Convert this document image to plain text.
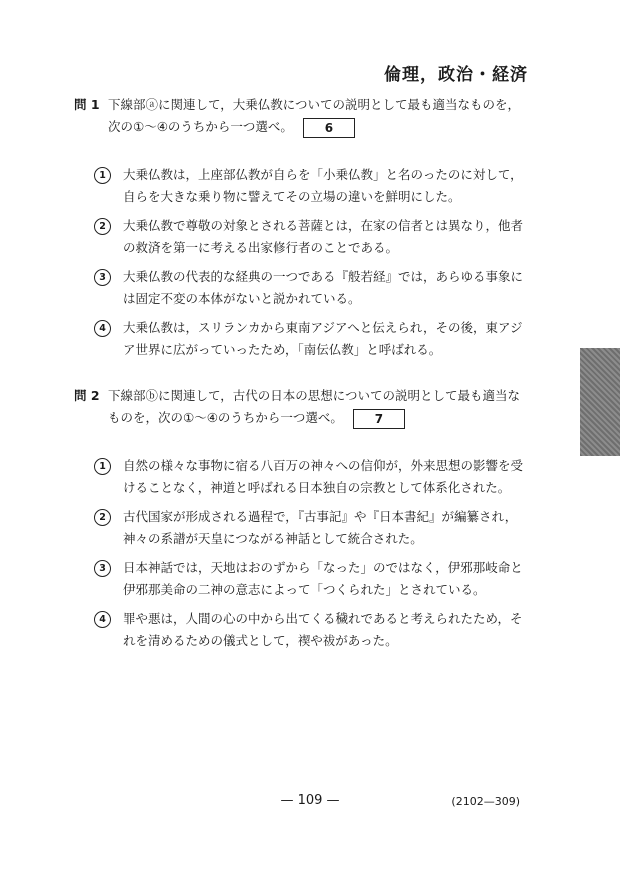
倫理，政治・経済
問 1 下線部ⓐに関連して，大乗仏教についての説明として最も適当なものを，次の①～④のうちから一つ選べ。	6
1	大乗仏教は，上座部仏教が自らを「小乗仏教」と名のったのに対して，自らを大きな乗り物に譬えてその立場の違いを鮮明にした。
2	大乗仏教で尊敬の対象とされる菩薩とは，在家の信者とは異なり，他者の救済を第一に考える出家修行者のことである。
3	大乗仏教の代表的な経典の一つである『般若経』では，あらゆる事象には固定不変の本体がないと説かれている。
4	大乗仏教は，スリランカから東南アジアへと伝えられ，その後，東アジア世界に広がっていったため，「南伝仏教」と呼ばれる。
問 2 下線部ⓑに関連して，古代の日本の思想についての説明として最も適当なものを，次の①～④のうちから一つ選べ。	7
1	自然の様々な事物に宿る八百万の神々への信仰が，外来思想の影響を受けることなく，神道と呼ばれる日本独自の宗教として体系化された。
2	古代国家が形成される過程で，『古事記』や『日本書紀』が編纂され，神々の系譜が天皇につながる神話として統合された。
3	日本神話では，天地はおのずから「なった」のではなく，伊邪那岐命と伊邪那美命の二神の意志によって「つくられた」とされている。
4	罪や悪は，人間の心の中から出てくる穢れであると考えられたため，それを清めるための儀式として，禊や祓があった。
— 109 —	(2102—309)
